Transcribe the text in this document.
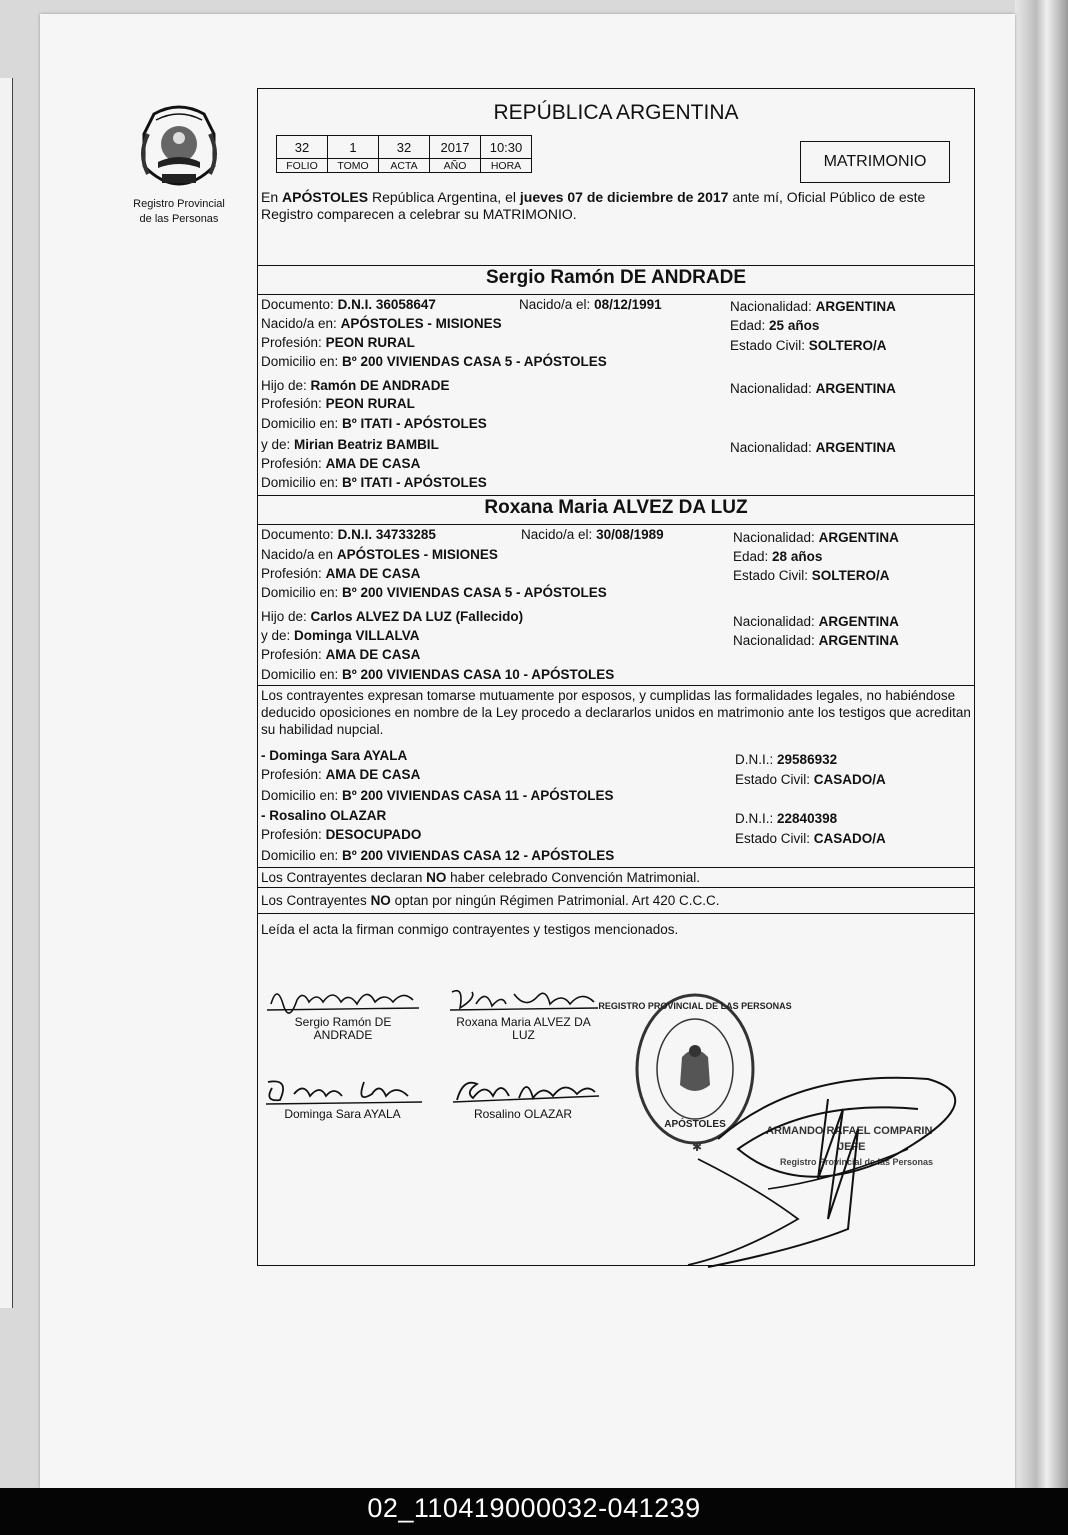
Registro Provincial
de las Personas
REPÚBLICA ARGENTINA
32	1	32	2017	10:30
FOLIO	TOMO	ACTA	AÑO	HORA	MATRIMONIO
En APÓSTOLES República Argentina, el jueves 07 de diciembre de 2017 ante mí, Oficial Público de este Registro comparecen a celebrar su MATRIMONIO.
Sergio Ramón DE ANDRADE
Documento: D.N.I. 36058647	Nacido/a el: 08/12/1991	Nacionalidad: ARGENTINA
Nacido/a en: APÓSTOLES - MISIONES	Edad: 25 años
Profesión: PEON RURAL	Estado Civil: SOLTERO/A
Domicilio en: Bº 200 VIVIENDAS CASA 5 - APÓSTOLES
Hijo de: Ramón DE ANDRADE	Nacionalidad: ARGENTINA
Profesión: PEON RURAL
Domicilio en: Bº ITATI - APÓSTOLES
y de: Mirian Beatriz BAMBIL	Nacionalidad: ARGENTINA
Profesión: AMA DE CASA
Domicilio en: Bº ITATI - APÓSTOLES
Roxana Maria ALVEZ DA LUZ
Documento: D.N.I. 34733285	Nacido/a el: 30/08/1989	Nacionalidad: ARGENTINA
Nacido/a en APÓSTOLES - MISIONES	Edad: 28 años
Profesión: AMA DE CASA	Estado Civil: SOLTERO/A
Domicilio en: Bº 200 VIVIENDAS CASA 5 - APÓSTOLES
Hijo de: Carlos ALVEZ DA LUZ (Fallecido)	Nacionalidad: ARGENTINA
y de: Dominga VILLALVA	Nacionalidad: ARGENTINA
Profesión: AMA DE CASA
Domicilio en: Bº 200 VIVIENDAS CASA 10 - APÓSTOLES
Los contrayentes expresan tomarse mutuamente por esposos, y cumplidas las formalidades legales, no habiéndose deducido oposiciones en nombre de la Ley procedo a declararlos unidos en matrimonio ante los testigos que acreditan su habilidad nupcial.
- Dominga Sara AYALA	D.N.I.: 29586932
Profesión: AMA DE CASA	Estado Civil: CASADO/A
Domicilio en: Bº 200 VIVIENDAS CASA 11 - APÓSTOLES
- Rosalino OLAZAR	D.N.I.: 22840398
Profesión: DESOCUPADO	Estado Civil: CASADO/A
Domicilio en: Bº 200 VIVIENDAS CASA 12 - APÓSTOLES
Los Contrayentes declaran NO haber celebrado Convención Matrimonial.
Los Contrayentes NO optan por ningún Régimen Patrimonial. Art 420 C.C.C.
Leída el acta la firman conmigo contrayentes y testigos mencionados.
Sergio Ramón DE
ANDRADE
Roxana Maria ALVEZ DA
LUZ
Dominga Sara AYALA	Rosalino OLAZAR
REGISTRO PROVINCIAL DE LAS PERSONAS
APÓSTOLES
✱
ARMANDO RAFAEL COMPARIN
JEFE
Registro Provincial de las Personas
02_110419000032-041239
